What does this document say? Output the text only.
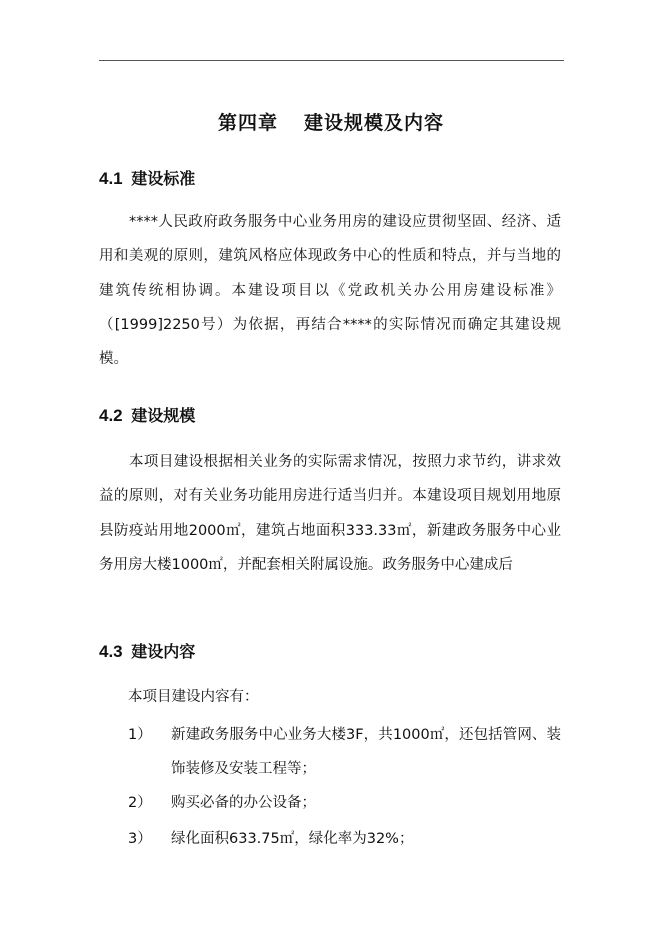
第四章 建设规模及内容
4.1 建设标准
****人民政府政务服务中心业务用房的建设应贯彻坚固、经济、适用和美观的原则，建筑风格应体现政务中心的性质和特点，并与当地的建筑传统相协调。本建设项目以《党政机关办公用房建设标准》（[1999]2250号）为依据，再结合****的实际情况而确定其建设规模。
4.2 建设规模
本项目建设根据相关业务的实际需求情况，按照力求节约，讲求效益的原则，对有关业务功能用房进行适当归并。本建设项目规划用地原县防疫站用地2000㎡，建筑占地面积333.33㎡，新建政务服务中心业务用房大楼1000㎡，并配套相关附属设施。政务服务中心建成后
4.3 建设内容
本项目建设内容有：
1）	新建政务服务中心业务大楼3F，共1000㎡，还包括管网、装饰装修及安装工程等；
2）	购买必备的办公设备；
3）	绿化面积633.75㎡，绿化率为32%；
